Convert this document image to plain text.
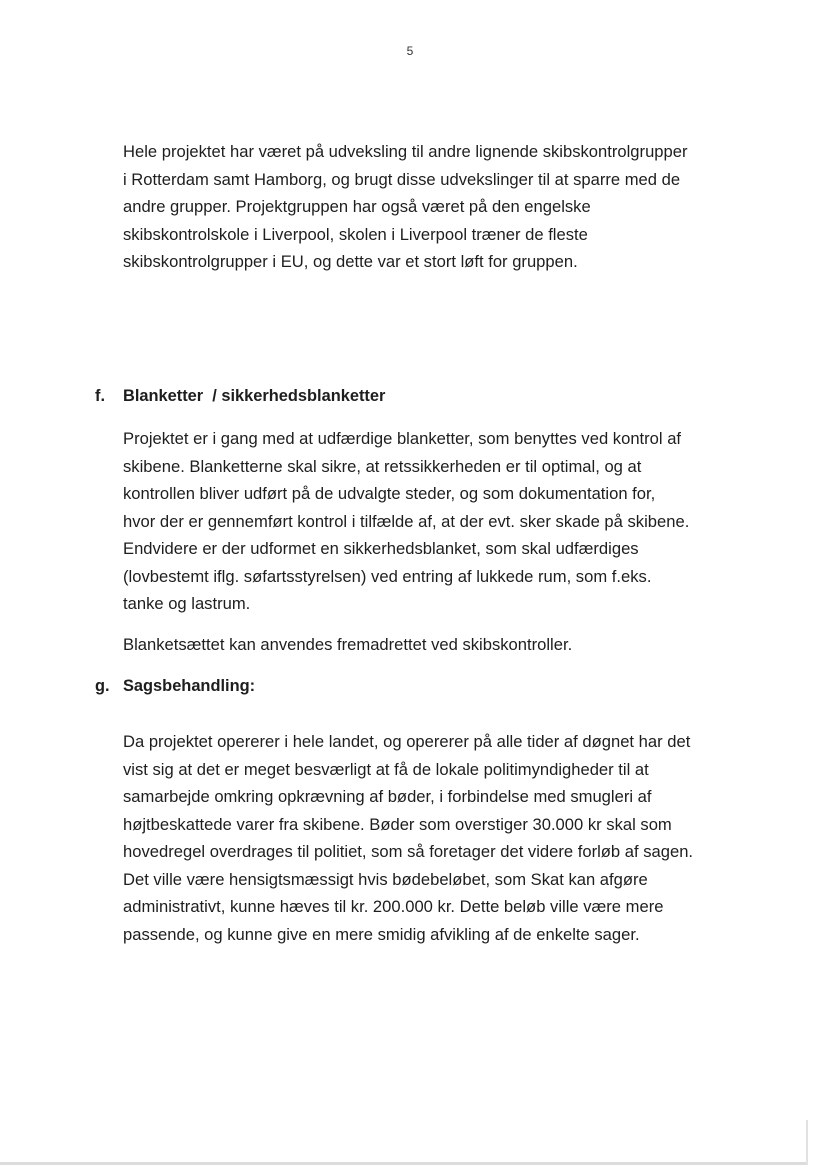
5

Hele projektet har været på udveksling til andre lignende skibskontrolgrupper
i Rotterdam samt Hamborg, og brugt disse udvekslinger til at sparre med de
andre grupper. Projektgruppen har også været på den engelske
skibskontrolskole i Liverpool, skolen i Liverpool træner de fleste
skibskontrolgrupper i EU, og dette var et stort løft for gruppen.

f. Blanketter  / sikkerhedsblanketter

Projektet er i gang med at udfærdige blanketter, som benyttes ved kontrol af
skibene. Blanketterne skal sikre, at retssikkerheden er til optimal, og at
kontrollen bliver udført på de udvalgte steder, og som dokumentation for,
hvor der er gennemført kontrol i tilfælde af, at der evt. sker skade på skibene.
Endvidere er der udformet en sikkerhedsblanket, som skal udfærdiges
(lovbestemt iflg. søfartsstyrelsen) ved entring af lukkede rum, som f.eks.
tanke og lastrum.

Blanketsættet kan anvendes fremadrettet ved skibskontroller.

g. Sagsbehandling:

Da projektet opererer i hele landet, og opererer på alle tider af døgnet har det
vist sig at det er meget besværligt at få de lokale politimyndigheder til at
samarbejde omkring opkrævning af bøder, i forbindelse med smugleri af
højtbeskattede varer fra skibene. Bøder som overstiger 30.000 kr skal som
hovedregel overdrages til politiet, som så foretager det videre forløb af sagen.
Det ville være hensigtsmæssigt hvis bødebeløbet, som Skat kan afgøre
administrativt, kunne hæves til kr. 200.000 kr. Dette beløb ville være mere
passende, og kunne give en mere smidig afvikling af de enkelte sager.
